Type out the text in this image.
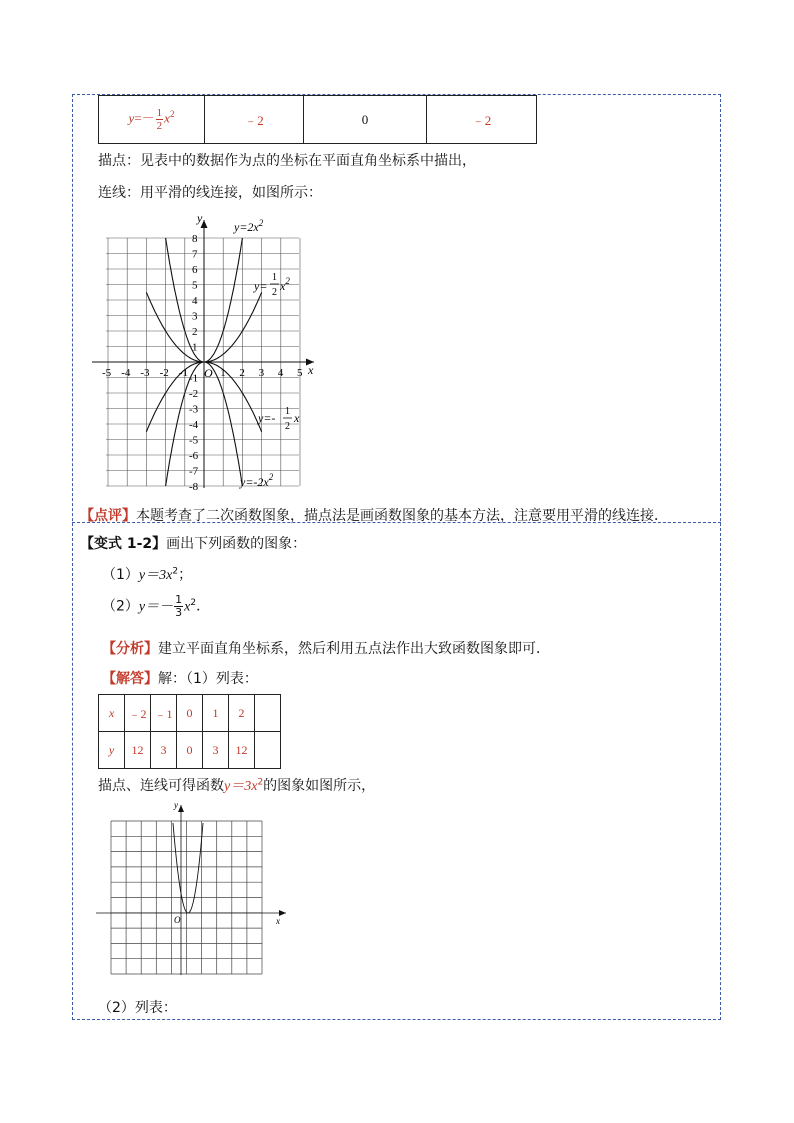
$y=- \frac{1}{2} x^2$	﹣2	0	﹣2
描点：见表中的数据作为点的坐标在平面直角坐标系中描出，
连线：用平滑的线连接，如图所示：
-5 -4 -3 -2 -1	1 2 3 4 5
8
7
6
5
4
3
2
1
-1
-2
-3
-4
-5
-6
-7
-8
x
y
O
$y=2x^2$
y=
1
2 $x^2$
y=- 1
2
x
$y=-2x^2$
【点评】本题考查了二次函数图象，描点法是画函数图象的基本方法，注意要用平滑的线连接．
【变式 1-2】画出下列函数的图象：
$(1)y=3x^2$；
$(2)y=- \frac{1}{3} x^2$．
【分析】建立平面直角坐标系，然后利用五点法作出大致函数图象即可．
【解答】解：（1）列表：
x	﹣2	﹣1	0	1	2	
y	12	3	0	3	12	
描点、连线可得函数$y=3x^2$的图象如图所示，
x
y
O
（2）列表：
